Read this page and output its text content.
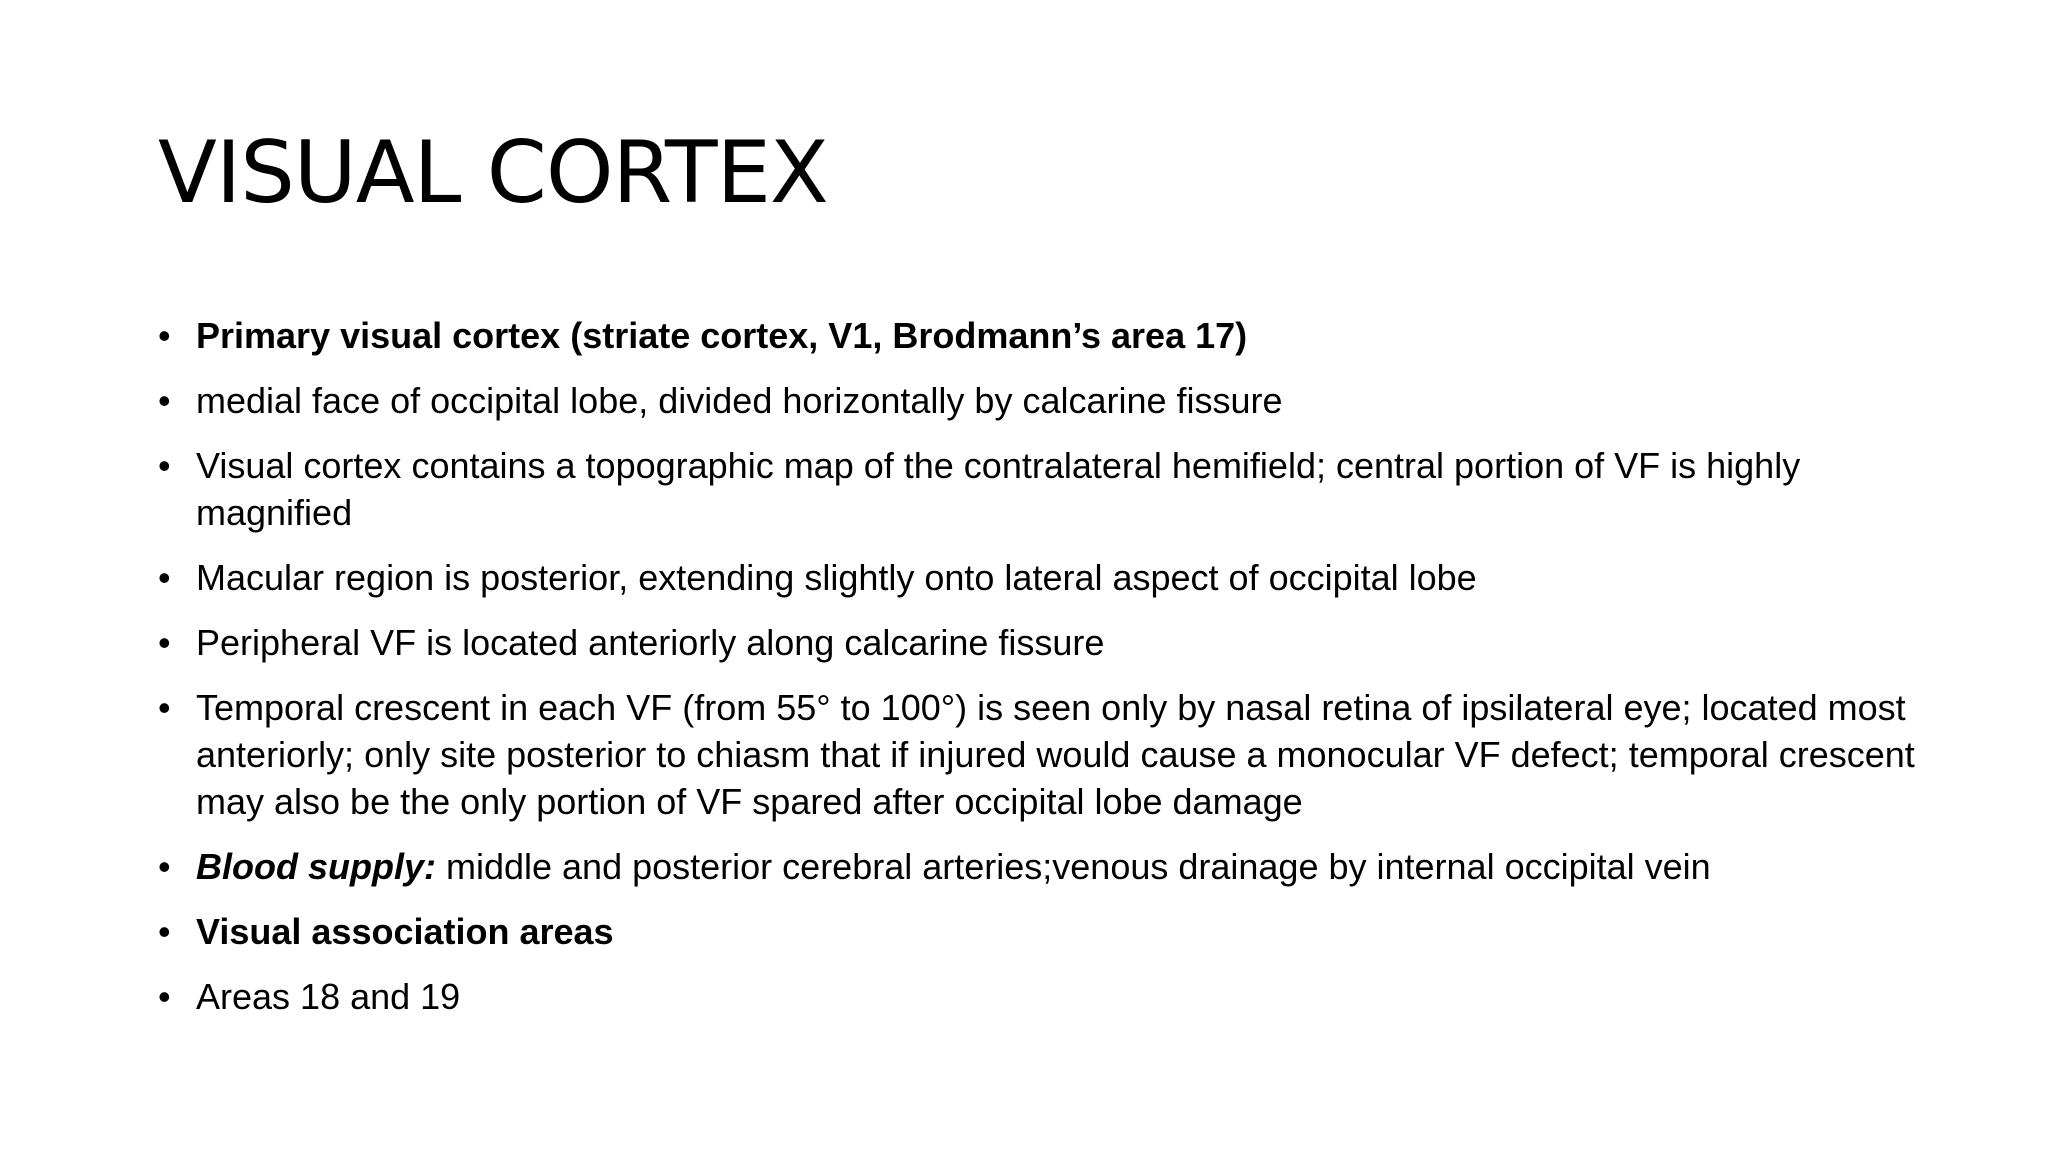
VISUAL CORTEX
• Primary visual cortex (striate cortex, V1, Brodmann’s area 17)
• medial face of occipital lobe, divided horizontally by calcarine fissure
• Visual cortex contains a topographic map of the contralateral hemifield; central portion of VF is highly magnified
• Macular region is posterior, extending slightly onto lateral aspect of occipital lobe
• Peripheral VF is located anteriorly along calcarine fissure
• Temporal crescent in each VF (from 55° to 100°) is seen only by nasal retina of ipsilateral eye; located most anteriorly; only site posterior to chiasm that if injured would cause a monocular VF defect; temporal crescent may also be the only portion of VF spared after occipital lobe damage
• Blood supply: middle and posterior cerebral arteries;venous drainage by internal occipital vein
• Visual association areas
• Areas 18 and 19
